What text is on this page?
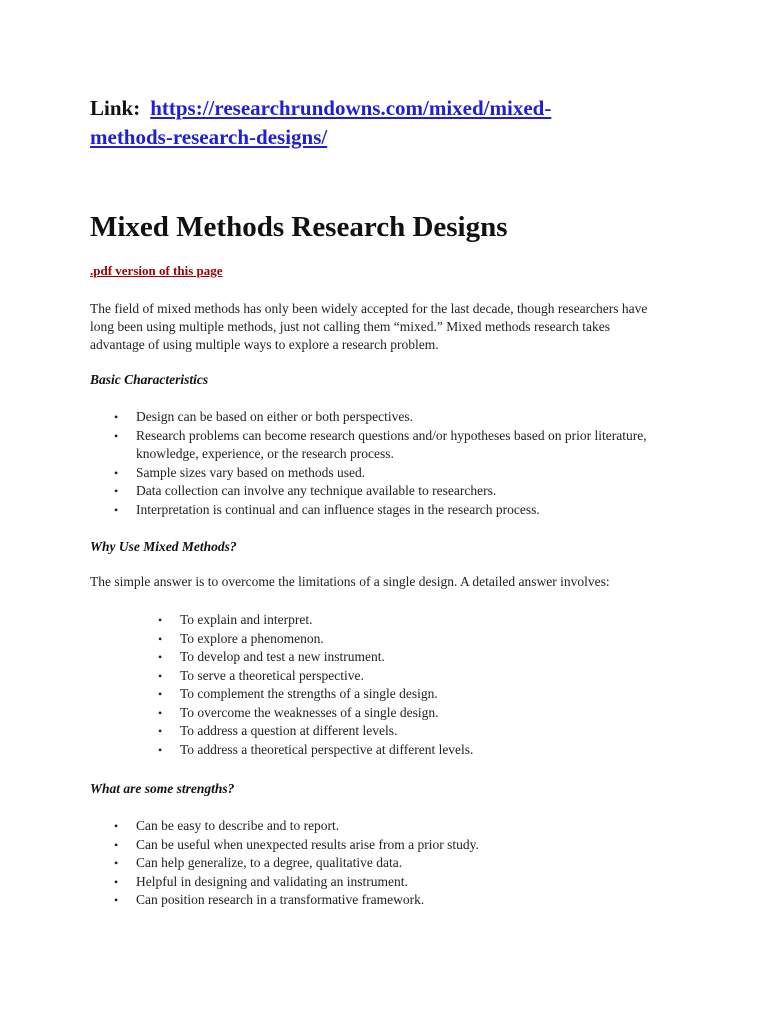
Link: https://researchrundowns.com/mixed/mixed-
methods-research-designs/
Mixed Methods Research Designs
.pdf version of this page

The field of mixed methods has only been widely accepted for the last decade, though researchers have long been using multiple methods, just not calling them “mixed.” Mixed methods research takes advantage of using multiple ways to explore a research problem.

Basic Characteristics

• Design can be based on either or both perspectives.
• Research problems can become research questions and/or hypotheses based on prior literature, knowledge, experience, or the research process.
• Sample sizes vary based on methods used.
• Data collection can involve any technique available to researchers.
• Interpretation is continual and can influence stages in the research process.

Why Use Mixed Methods?

The simple answer is to overcome the limitations of a single design. A detailed answer involves:

• To explain and interpret.
• To explore a phenomenon.
• To develop and test a new instrument.
• To serve a theoretical perspective.
• To complement the strengths of a single design.
• To overcome the weaknesses of a single design.
• To address a question at different levels.
• To address a theoretical perspective at different levels.

What are some strengths?

• Can be easy to describe and to report.
• Can be useful when unexpected results arise from a prior study.
• Can help generalize, to a degree, qualitative data.
• Helpful in designing and validating an instrument.
• Can position research in a transformative framework.
